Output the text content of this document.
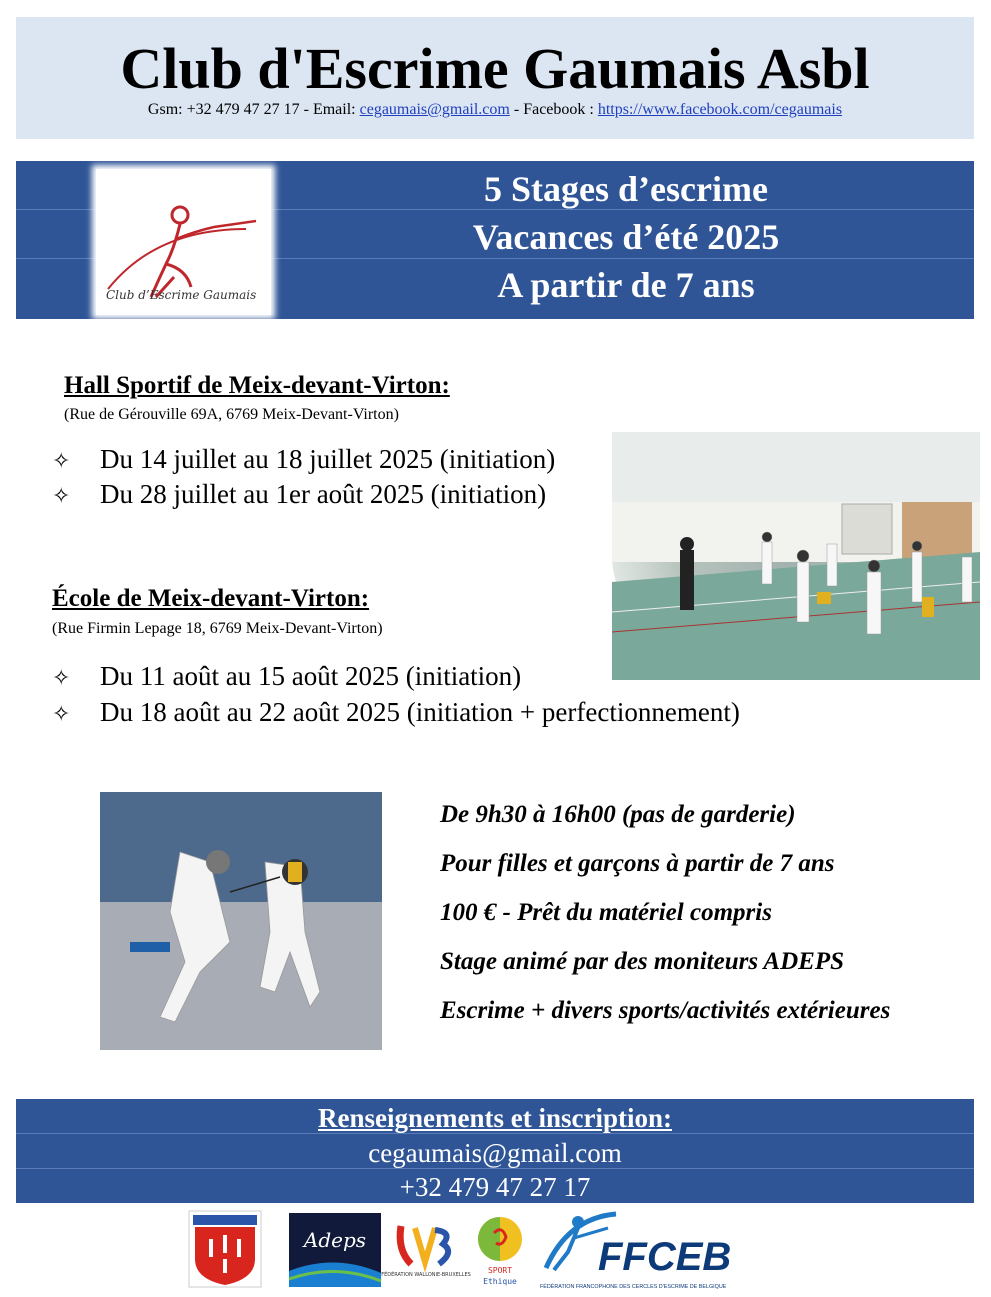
Club d'Escrime Gaumais Asbl
Gsm: +32 479 47 27 17 - Email: cegaumais@gmail.com - Facebook : https://www.facebook.com/cegaumais
Club d’Escrime Gaumais
5 Stages d’escrime
Vacances d’été 2025
A partir de 7 ans
Hall Sportif de Meix-devant-Virton:
(Rue de Gérouville 69A, 6769 Meix-Devant-Virton)
✧ Du 14 juillet au 18 juillet 2025 (initiation)
✧ Du 28 juillet au 1er août 2025 (initiation)
École de Meix-devant-Virton:
(Rue Firmin Lepage 18, 6769 Meix-Devant-Virton)
✧ Du 11 août au 15 août 2025 (initiation)
✧ Du 18 août au 22 août 2025 (initiation + perfectionnement)
De 9h30 à 16h00 (pas de garderie)
Pour filles et garçons à partir de 7 ans
100 € - Prêt du matériel compris
Stage animé par des moniteurs ADEPS
Escrime + divers sports/activités extérieures
Renseignements et inscription:
cegaumais@gmail.com
+32 479 47 27 17
Adeps
FÉDÉRATION WALLONIE-BRUXELLES SPORT
Ethique
FFCEB
FÉDÉRATION FRANCOPHONE DES CERCLES D'ESCRIME DE BELGIQUE
